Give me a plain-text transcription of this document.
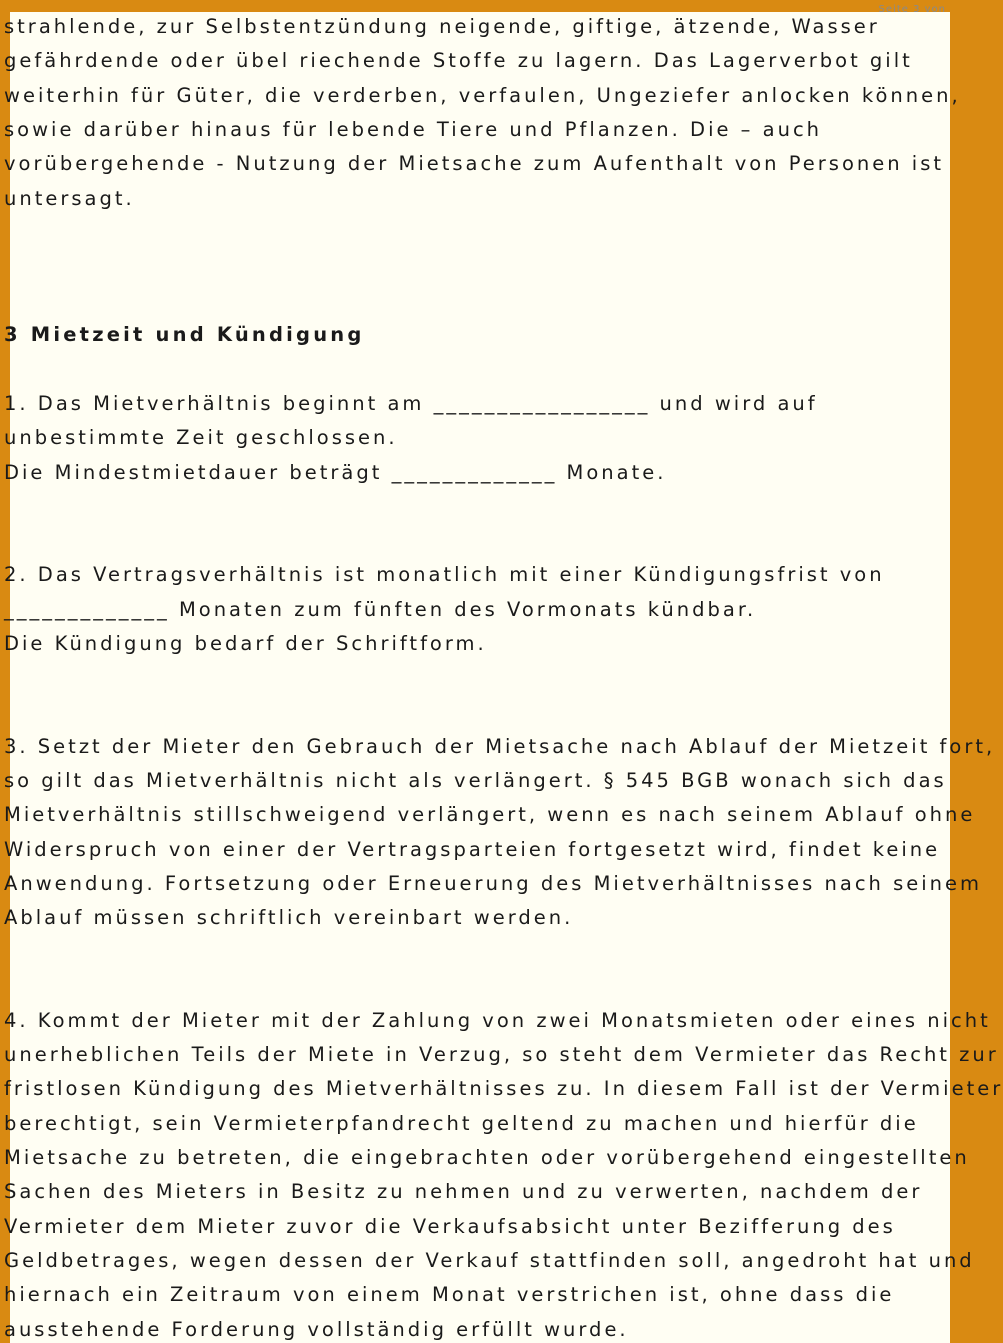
Seite 3 von

strahlende, zur Selbstentzündung neigende, giftige, ätzende, Wasser

gefährdende oder übel riechende Stoffe zu lagern. Das Lagerverbot gilt

weiterhin für Güter, die verderben, verfaulen, Ungeziefer anlocken können,

sowie darüber hinaus für lebende Tiere und Pflanzen. Die – auch

vorübergehende - Nutzung der Mietsache zum Aufenthalt von Personen ist

untersagt.

3 Mietzeit und Kündigung

1. Das Mietverhältnis beginnt am _________________ und wird auf

unbestimmte Zeit geschlossen.

Die Mindestmietdauer beträgt _____________ Monate.

2. Das Vertragsverhältnis ist monatlich mit einer Kündigungsfrist von

_____________ Monaten zum fünften des Vormonats kündbar.

Die Kündigung bedarf der Schriftform.

3. Setzt der Mieter den Gebrauch der Mietsache nach Ablauf der Mietzeit fort,

so gilt das Mietverhältnis nicht als verlängert. § 545 BGB wonach sich das

Mietverhältnis stillschweigend verlängert, wenn es nach seinem Ablauf ohne

Widerspruch von einer der Vertragsparteien fortgesetzt wird, findet keine

Anwendung. Fortsetzung oder Erneuerung des Mietverhältnisses nach seinem

Ablauf müssen schriftlich vereinbart werden.

4. Kommt der Mieter mit der Zahlung von zwei Monatsmieten oder eines nicht

unerheblichen Teils der Miete in Verzug, so steht dem Vermieter das Recht zur

fristlosen Kündigung des Mietverhältnisses zu. In diesem Fall ist der Vermieter

berechtigt, sein Vermieterpfandrecht geltend zu machen und hierfür die

Mietsache zu betreten, die eingebrachten oder vorübergehend eingestellten

Sachen des Mieters in Besitz zu nehmen und zu verwerten, nachdem der

Vermieter dem Mieter zuvor die Verkaufsabsicht unter Bezifferung des

Geldbetrages, wegen dessen der Verkauf stattfinden soll, angedroht hat und

hiernach ein Zeitraum von einem Monat verstrichen ist, ohne dass die

ausstehende Forderung vollständig erfüllt wurde.
